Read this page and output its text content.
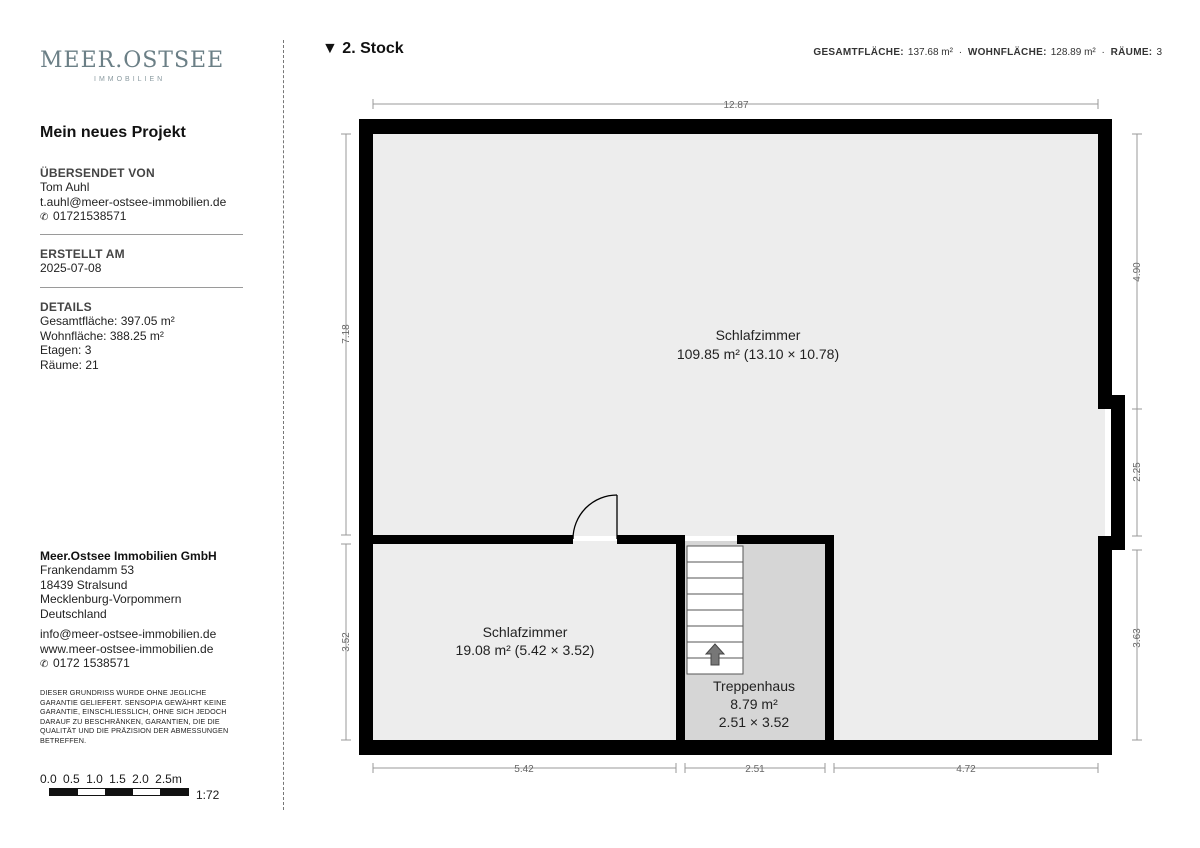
MEER.OSTSEE
IMMOBILIEN
Mein neues Projekt
ÜBERSENDET VON
Tom Auhl
t.auhl@meer-ostsee-immobilien.de
✆ 01721538571
ERSTELLT AM
2025-07-08
DETAILS
Gesamtfläche: 397.05 m²
Wohnfläche: 388.25 m²
Etagen: 3
Räume: 21
Meer.Ostsee Immobilien GmbH
Frankendamm 53
18439 Stralsund
Mecklenburg-Vorpommern
Deutschland
info@meer-ostsee-immobilien.de
www.meer-ostsee-immobilien.de
✆ 0172 1538571
DIESER GRUNDRISS WURDE OHNE JEGLICHE GARANTIE GELIEFERT. SENSOPIA GEWÄHRT KEINE GARANTIE, EINSCHLIESSLICH, OHNE SICH JEDOCH DARAUF ZU BESCHRÄNKEN, GARANTIEN, DIE DIE QUALITÄT UND DIE PRÄZISION DER ABMESSUNGEN BETREFFEN.
0.0 0.5 1.0 1.5 2.0 2.5m
1:72
▼ 2. Stock	GESAMTFLÄCHE: 137.68 m² · WOHNFLÄCHE: 128.89 m² · RÄUME: 3
12.87
7.18
3.52
4.90
2.25
3.63
5.42	2.51	4.72
Schlafzimmer
109.85 m² (13.10 × 10.78)
Schlafzimmer
19.08 m² (5.42 × 3.52)
Treppenhaus
8.79 m²
2.51 × 3.52
